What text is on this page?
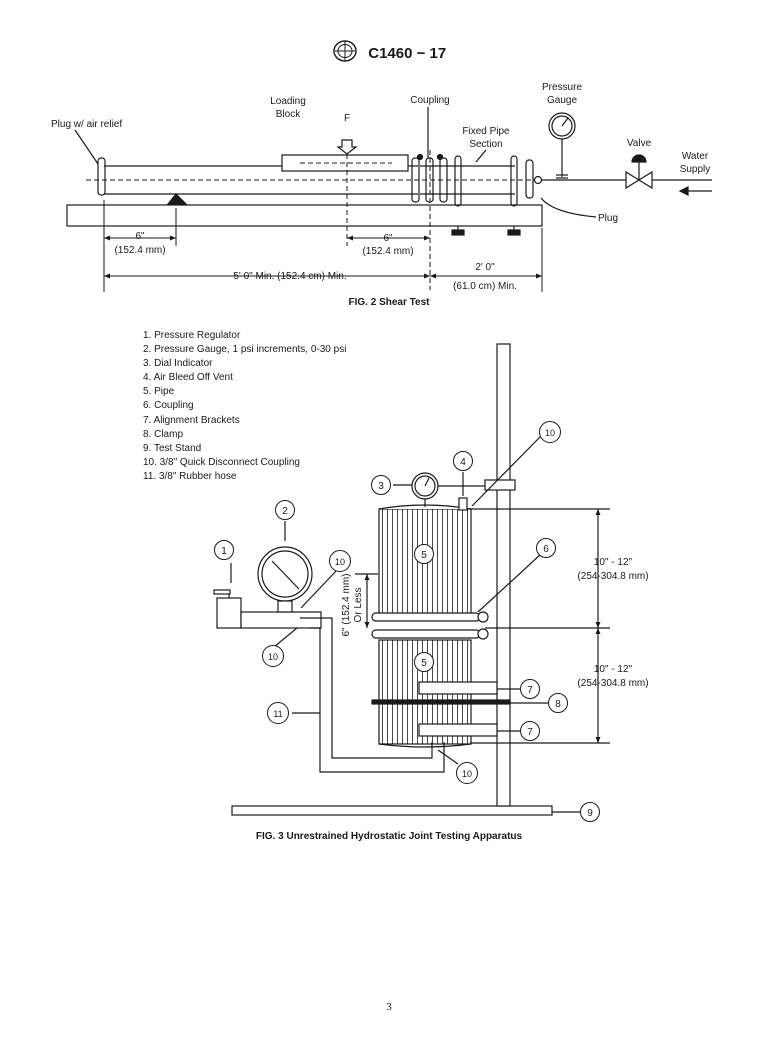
C1460 − 17
Plug w/ air relief
Loading
Block	F
Coupling
Fixed Pipe
Section
Pressure
Gauge
Valve
Water
Supply
Plug
6"
(152.4 mm)
6"
(152.4 mm)
5' 0" Min. (152.4 cm) Min.
2' 0"
(61.0 cm) Min.
FIG. 2 Shear Test
1. Pressure Regulator
2. Pressure Gauge, 1 psi increments, 0-30 psi
3. Dial Indicator
4. Air Bleed Off Vent
5. Pipe
6. Coupling
7. Alignment Brackets
8. Clamp
9. Test Stand
10. 3/8" Quick Disconnect Coupling
11. 3/8" Rubber hose
1
2
3
4
5
5
6
7
7
8
9
10
10
10
10
11
10" - 12"
(254-304.8 mm)
10" - 12"
(254-304.8 mm)
6" (152.4 mm) Or Less
FIG. 3 Unrestrained Hydrostatic Joint Testing Apparatus
3
